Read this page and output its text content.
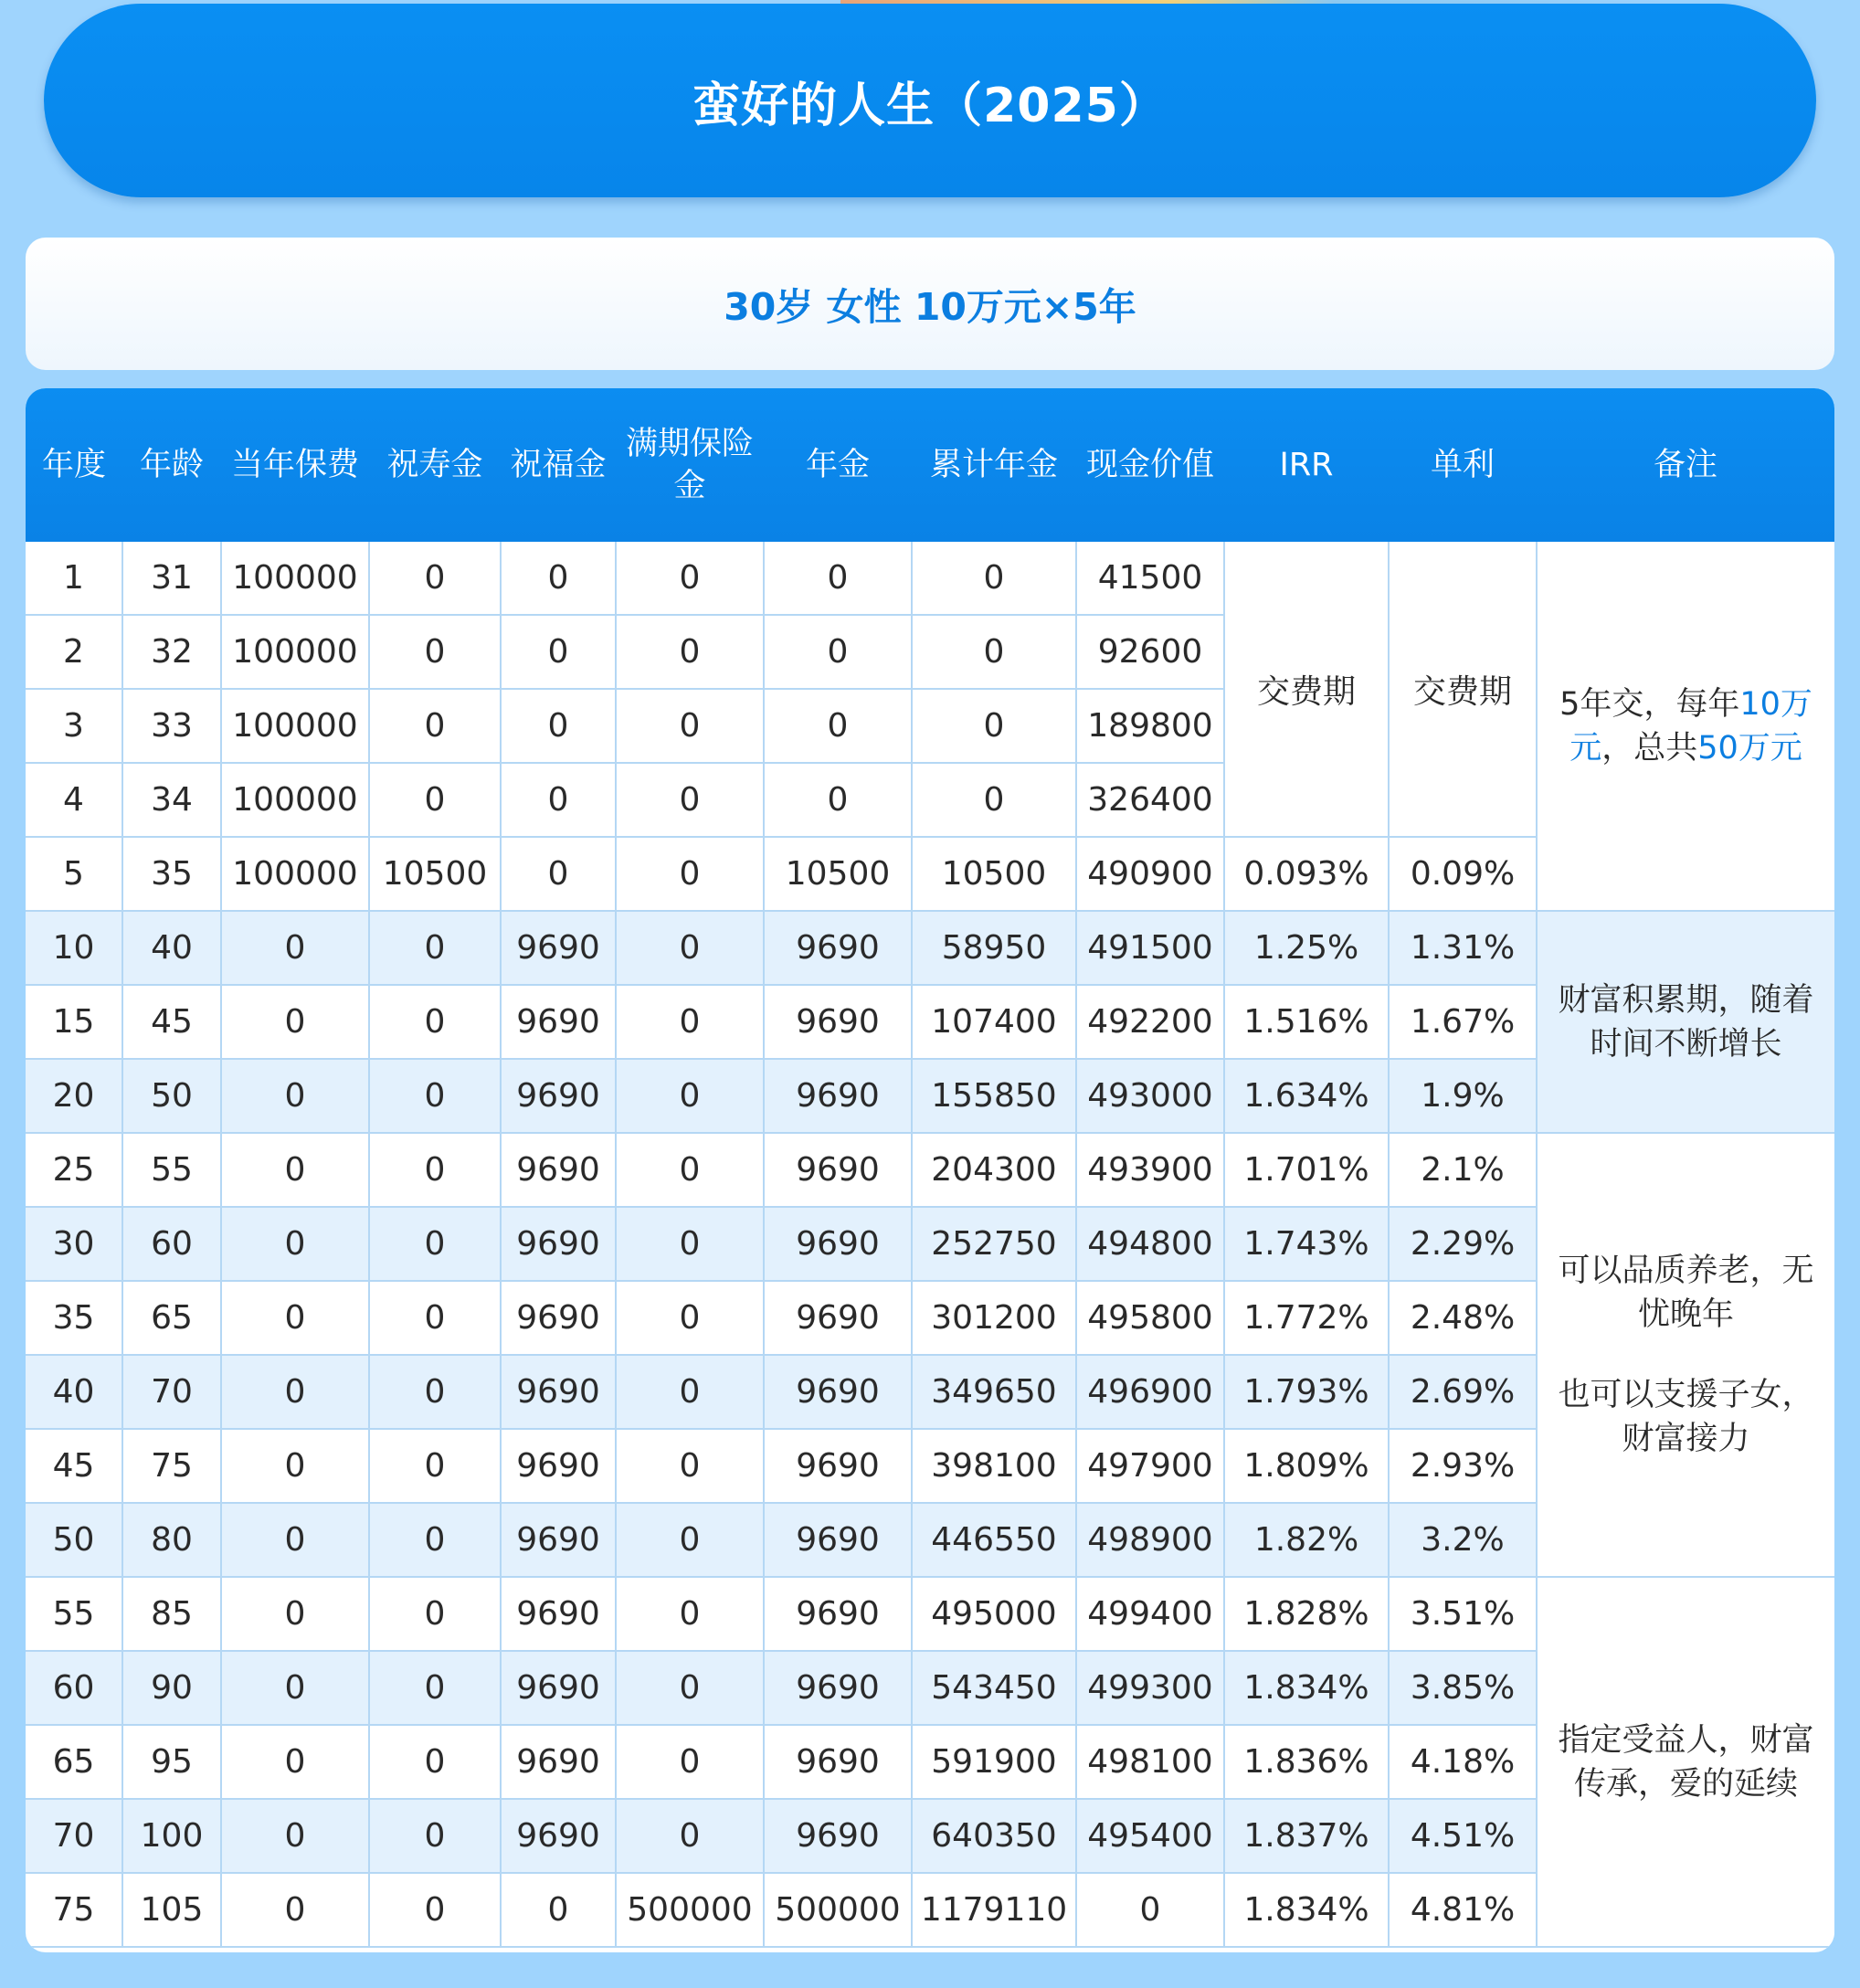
蛮好的人生（2025）
30岁 女性 10万元×5年
年度	年龄	当年保费	祝寿金	祝福金	满期保险金	年金	累计年金	现金价值	IRR	单利	备注
1	31	100000	0	0	0	0	0	41500	交费期	交费期	5年交，每年10万元，总共50万元
2	32	100000	0	0	0	0	0	92600			
3	33	100000	0	0	0	0	0	189800			
4	34	100000	0	0	0	0	0	326400			
5	35	100000	10500	0	0	10500	10500	490900	0.093%	0.09%	
10	40	0	0	9690	0	9690	58950	491500	1.25%	1.31%	财富积累期，随着时间不断增长
15	45	0	0	9690	0	9690	107400	492200	1.516%	1.67%	
20	50	0	0	9690	0	9690	155850	493000	1.634%	1.9%	
25	55	0	0	9690	0	9690	204300	493900	1.701%	2.1%	可以品质养老，无忧晚年
也可以支援子女，财富接力

30	60	0	0	9690	0	9690	252750	494800	1.743%	2.29%	
35	65	0	0	9690	0	9690	301200	495800	1.772%	2.48%	
40	70	0	0	9690	0	9690	349650	496900	1.793%	2.69%	
45	75	0	0	9690	0	9690	398100	497900	1.809%	2.93%	
50	80	0	0	9690	0	9690	446550	498900	1.82%	3.2%	
55	85	0	0	9690	0	9690	495000	499400	1.828%	3.51%	指定受益人，财富传承，爱的延续
60	90	0	0	9690	0	9690	543450	499300	1.834%	3.85%	
65	95	0	0	9690	0	9690	591900	498100	1.836%	4.18%	
70	100	0	0	9690	0	9690	640350	495400	1.837%	4.51%	
75	105	0	0	0	500000	500000	1179110	0	1.834%	4.81%	
